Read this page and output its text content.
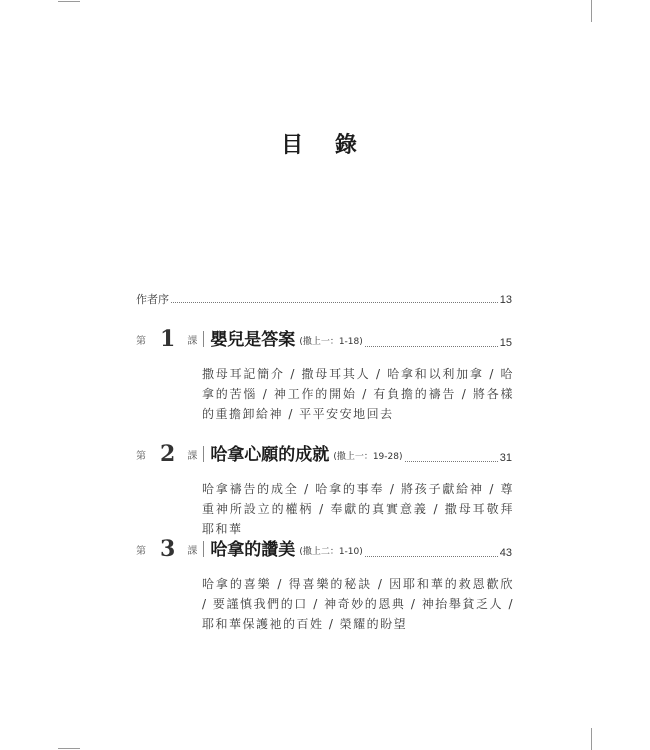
目 錄
作者序	13
第 1 課 嬰兒是答案 (撒上一：1-18)	15
撒母耳記簡介 / 撒母耳其人 / 哈拿和以利加拿 / 哈拿的苦惱 / 神工作的開始 / 有負擔的禱告 / 將各樣的重擔卸給神 / 平平安安地回去
第 2 課 哈拿心願的成就 (撒上一：19-28)	31
哈拿禱告的成全 / 哈拿的事奉 / 將孩子獻給神 / 尊重神所設立的權柄 / 奉獻的真實意義 / 撒母耳敬拜耶和華
第 3 課 哈拿的讚美 (撒上二：1-10)	43
哈拿的喜樂 / 得喜樂的秘訣 / 因耶和華的救恩歡欣 / 要謹慎我們的口 / 神奇妙的恩典 / 神抬舉貧乏人 / 耶和華保護祂的百姓 / 榮耀的盼望
